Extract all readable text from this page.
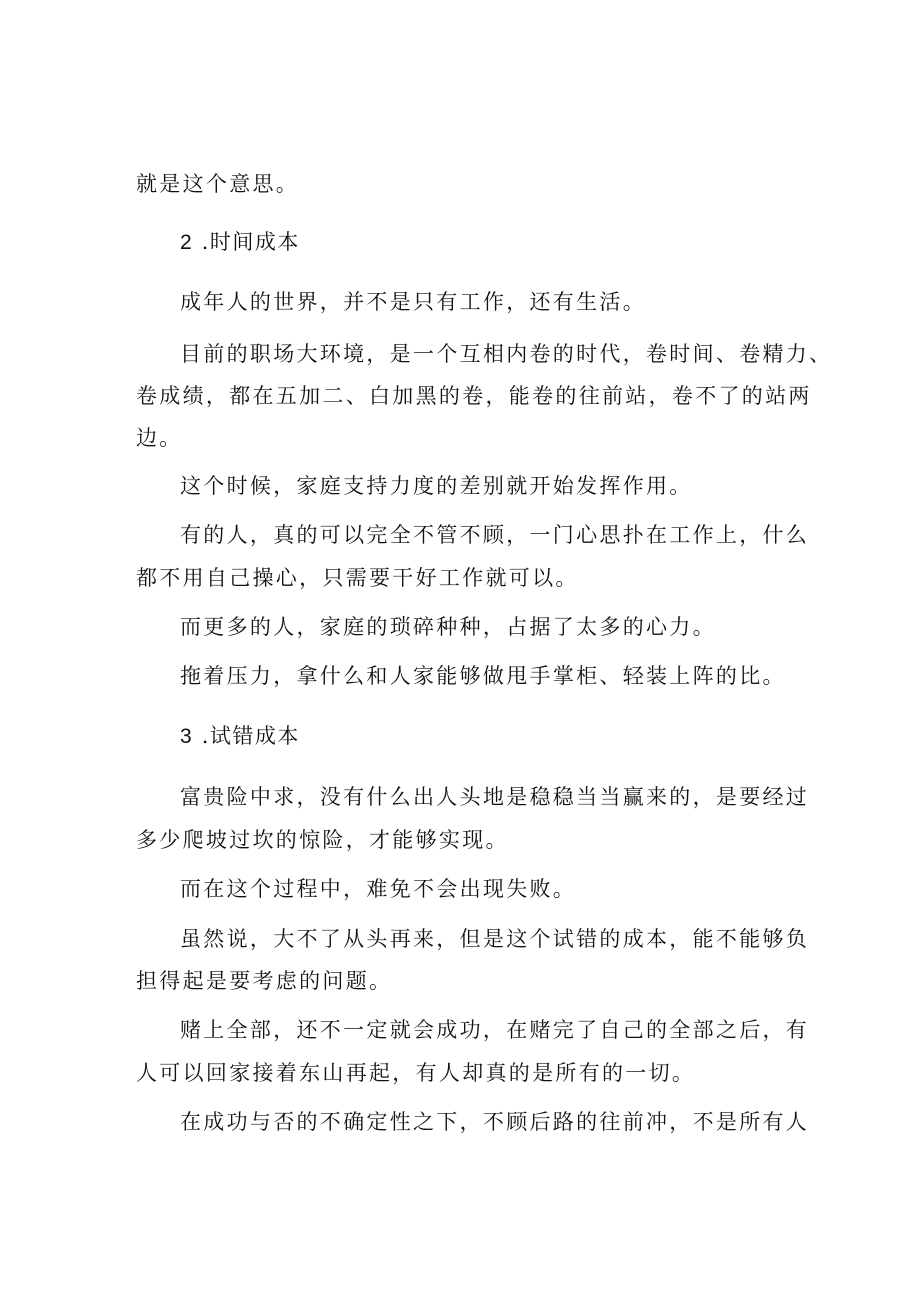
就是这个意思。
2 .时间成本
成年人的世界，并不是只有工作，还有生活。
目前的职场大环境，是一个互相内卷的时代，卷时间、卷精力、
卷成绩，都在五加二、白加黑的卷，能卷的往前站，卷不了的站两
边。
这个时候，家庭支持力度的差别就开始发挥作用。
有的人，真的可以完全不管不顾，一门心思扑在工作上，什么
都不用自己操心，只需要干好工作就可以。
而更多的人，家庭的琐碎种种，占据了太多的心力。
拖着压力，拿什么和人家能够做甩手掌柜、轻装上阵的比。
3 .试错成本
富贵险中求，没有什么出人头地是稳稳当当赢来的，是要经过
多少爬坡过坎的惊险，才能够实现。
而在这个过程中，难免不会出现失败。
虽然说，大不了从头再来，但是这个试错的成本，能不能够负
担得起是要考虑的问题。
赌上全部，还不一定就会成功，在赌完了自己的全部之后，有
人可以回家接着东山再起，有人却真的是所有的一切。
在成功与否的不确定性之下，不顾后路的往前冲，不是所有人
